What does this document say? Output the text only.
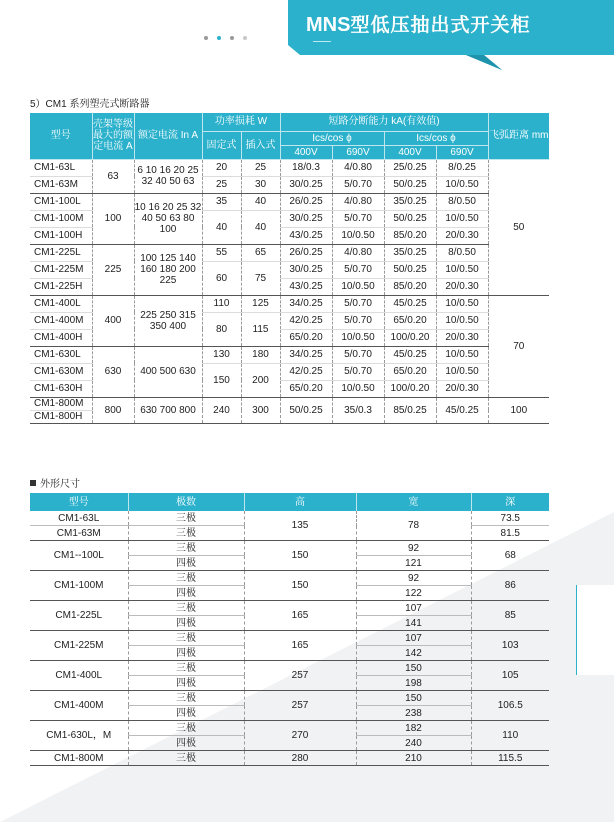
MNS型低压抽出式开关柜
5）CM1 系列塑壳式断路器
型号	壳架等级最大的额定电流 A	额定电流 In A	功率损耗 W		短路分断能力 kA(有效值)				飞弧距离 mm
			固定式	插入式	Ics/cos ϕ		Ics/cos ϕ		
					400V	690V	400V	690V	
CM1-63L	63	6 10 16 20 25 32 40 50 63	20	25	18/0.3	4/0.80	25/0.25	8/0.25	50
CM1-63M			25	30	30/0.25	5/0.70	50/0.25	10/0.50	
CM1-100L	100	10 16 20 25 32 40 50 63 80 100	35	40	26/0.25	4/0.80	35/0.25	8/0.50	
CM1-100M			40	40	30/0.25	5/0.70	50/0.25	10/0.50	
CM1-100H					43/0.25	10/0.50	85/0.20	20/0.30	
CM1-225L	225	100 125 140 160 180 200 225	55	65	26/0.25	4/0.80	35/0.25	8/0.50	
CM1-225M			60	75	30/0.25	5/0.70	50/0.25	10/0.50	
CM1-225H					43/0.25	10/0.50	85/0.20	20/0.30	
CM1-400L	400	225 250 315 350 400	110	125	34/0.25	5/0.70	45/0.25	10/0.50	70
CM1-400M			80	115	42/0.25	5/0.70	65/0.20	10/0.50	
CM1-400H					65/0.20	10/0.50	100/0.20	20/0.30	
CM1-630L	630	400 500 630	130	180	34/0.25	5/0.70	45/0.25	10/0.50	
CM1-630M			150	200	42/0.25	5/0.70	65/0.20	10/0.50	
CM1-630H					65/0.20	10/0.50	100/0.20	20/0.30	
CM1-800M	800	630 700 800	240	300	50/0.25	35/0.3	85/0.25	45/0.25	100
CM1-800H									
外形尺寸
型号	极数	高	宽	深
CM1-63L	三极	135	78	73.5
CM1-63M	三极			81.5
CM1--100L	三极	150	92	68
	四极		121	
CM1-100M	三极	150	92	86
	四极		122	
CM1-225L	三极	165	107	85
	四极		141	
CM1-225M	三极	165	107	103
	四极		142	
CM1-400L	三极	257	150	105
	四极		198	
CM1-400M	三极	257	150	106.5
	四极		238	
CM1-630L，M	三极	270	182	110
	四极		240	
CM1-800M	三极	280	210	115.5
